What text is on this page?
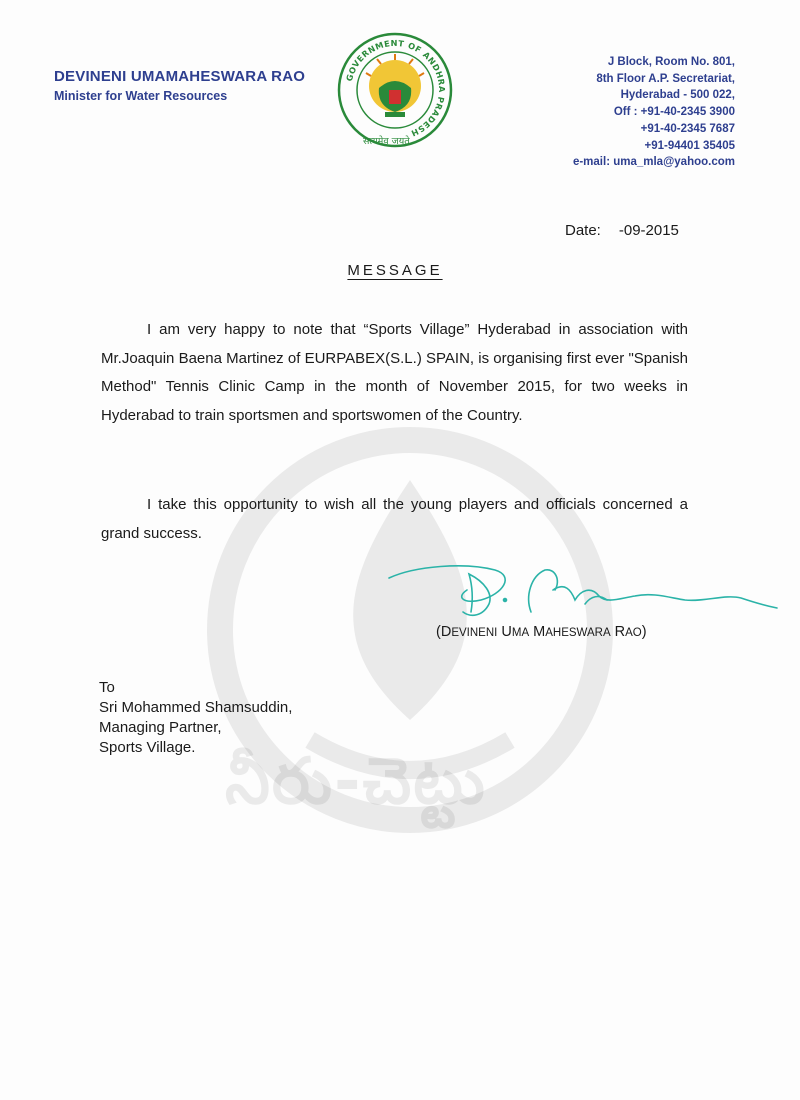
నీరు-చెట్టు
DEVINENI UMAMAHESWARA RAO
Minister for Water Resources
GOVERNMENT OF ANDHRA PRADESH
सत्यमेव जयते
J Block, Room No. 801,
8th Floor A.P. Secretariat,
Hyderabad - 500 022,
Off : +91-40-2345 3900
+91-40-2345 7687
+91-94401 35405
e-mail: uma_mla@yahoo.com
Date: -09-2015
MESSAGE

I am very happy to note that “Sports Village” Hyderabad in association with Mr.Joaquin Baena Martinez of EURPABEX(S.L.) SPAIN, is organising first ever "Spanish Method" Tennis Clinic Camp in the month of November 2015, for two weeks in Hyderabad to train sportsmen and sportswomen of the Country.

I take this opportunity to wish all the young players and officials concerned a grand success.

(DEVINENI UMA MAHESWARA RAO)
To
Sri Mohammed Shamsuddin,
Managing Partner,
Sports Village.
